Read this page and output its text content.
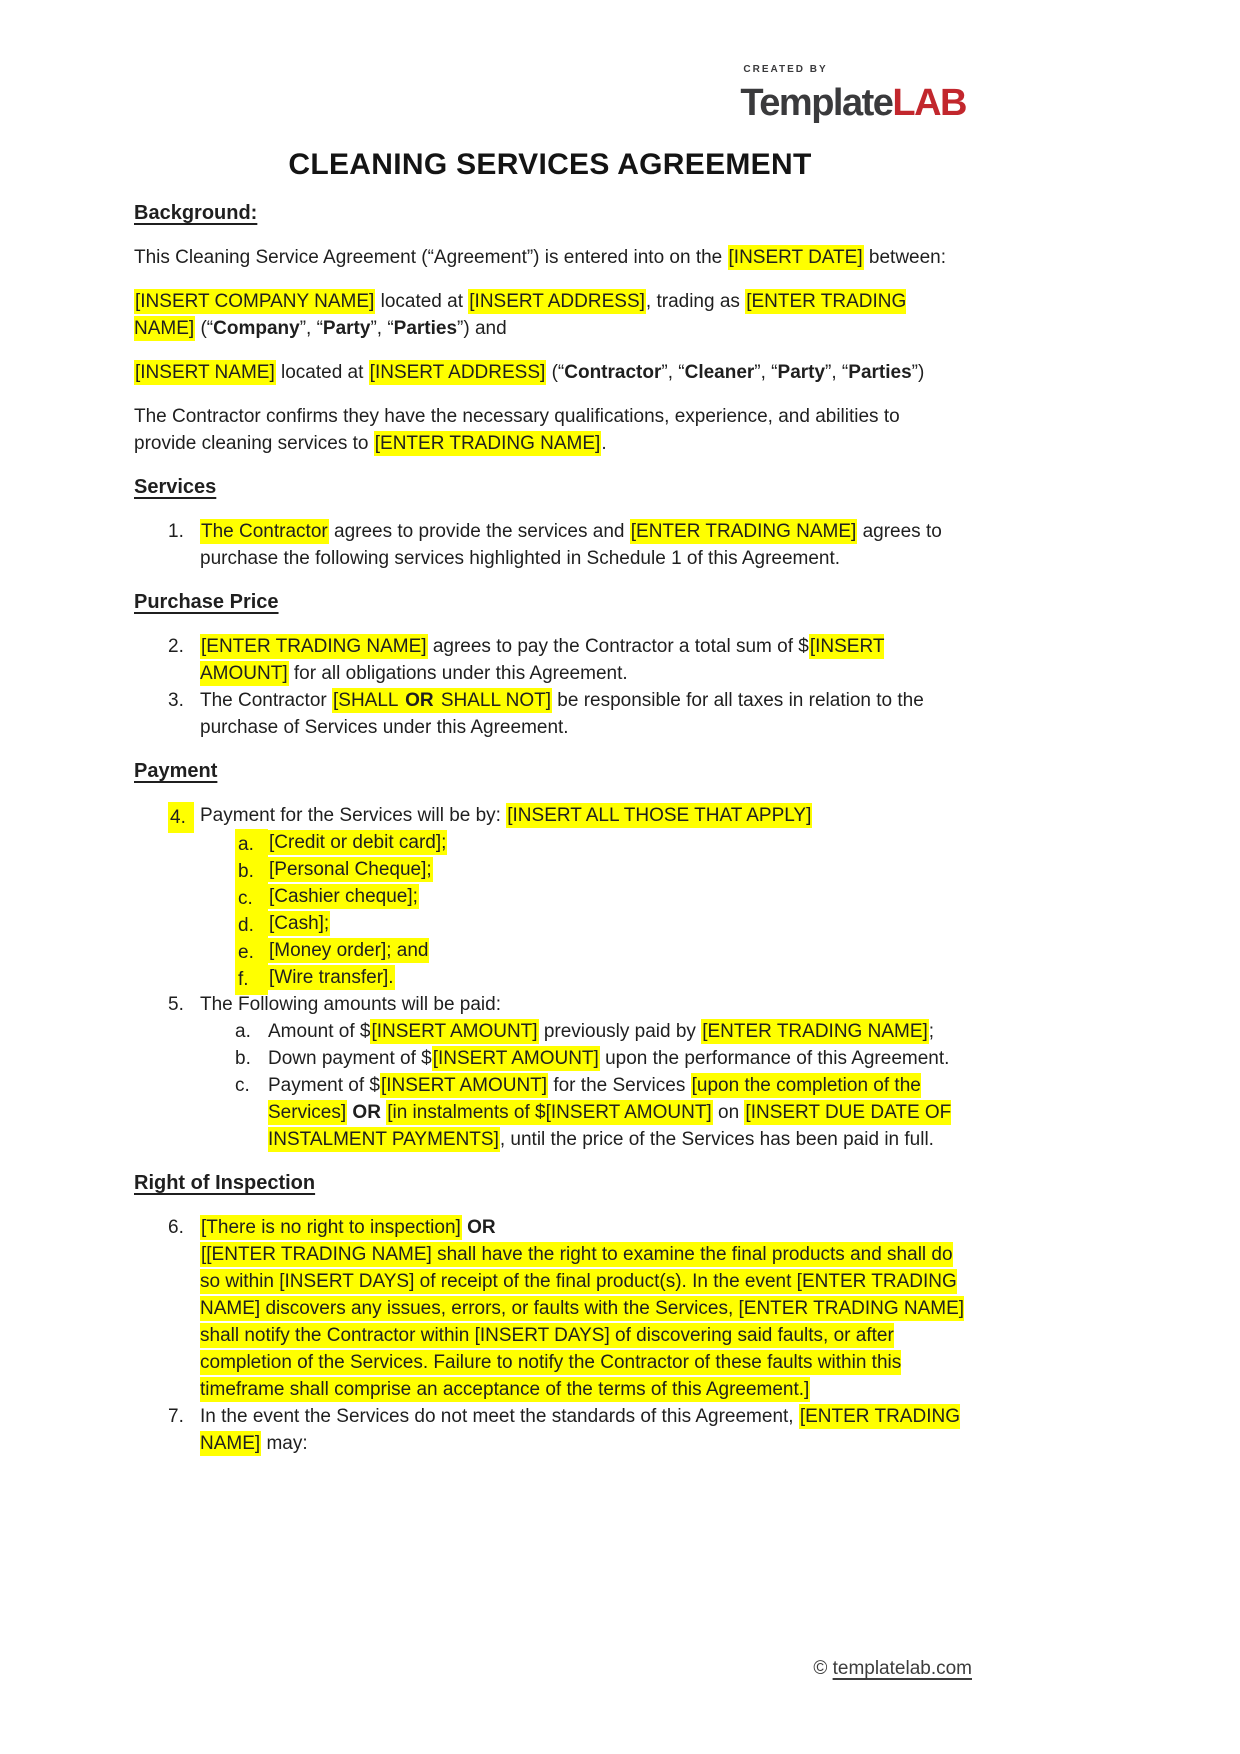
CREATED BY
TemplateLAB
CLEANING SERVICES AGREEMENT
Background:
This Cleaning Service Agreement (“Agreement”) is entered into on the [INSERT DATE] between:
[INSERT COMPANY NAME] located at [INSERT ADDRESS], trading as [ENTER TRADING NAME] (“Company”, “Party”, “Parties”) and
[INSERT NAME] located at [INSERT ADDRESS] (“Contractor”, “Cleaner”, “Party”, “Parties”)
The Contractor confirms they have the necessary qualifications, experience, and abilities to provide cleaning services to [ENTER TRADING NAME].
Services
1. The Contractor agrees to provide the services and [ENTER TRADING NAME] agrees to purchase the following services highlighted in Schedule 1 of this Agreement.
Purchase Price
2. [ENTER TRADING NAME] agrees to pay the Contractor a total sum of $[INSERT AMOUNT] for all obligations under this Agreement.
3. The Contractor [SHALL OR SHALL NOT] be responsible for all taxes in relation to the purchase of Services under this Agreement.
Payment
4. Payment for the Services will be by: [INSERT ALL THOSE THAT APPLY]
a. [Credit or debit card];
b. [Personal Cheque];
c. [Cashier cheque];
d. [Cash];
e. [Money order]; and
f.	[Wire transfer].
5. The Following amounts will be paid:
a. Amount of $[INSERT AMOUNT] previously paid by [ENTER TRADING NAME];
b. Down payment of $[INSERT AMOUNT] upon the performance of this Agreement.
c. Payment of $[INSERT AMOUNT] for the Services [upon the completion of the Services] OR [in instalments of $[INSERT AMOUNT] on [INSERT DUE DATE OF INSTALMENT PAYMENTS], until the price of the Services has been paid in full.
Right of Inspection
6. [There is no right to inspection] OR
[[ENTER TRADING NAME] shall have the right to examine the final products and shall do so within [INSERT DAYS] of receipt of the final product(s). In the event [ENTER TRADING NAME] discovers any issues, errors, or faults with the Services, [ENTER TRADING NAME] shall notify the Contractor within [INSERT DAYS] of discovering said faults, or after completion of the Services. Failure to notify the Contractor of these faults within this timeframe shall comprise an acceptance of the terms of this Agreement.]
7. In the event the Services do not meet the standards of this Agreement, [ENTER TRADING NAME] may:
© templatelab.com
